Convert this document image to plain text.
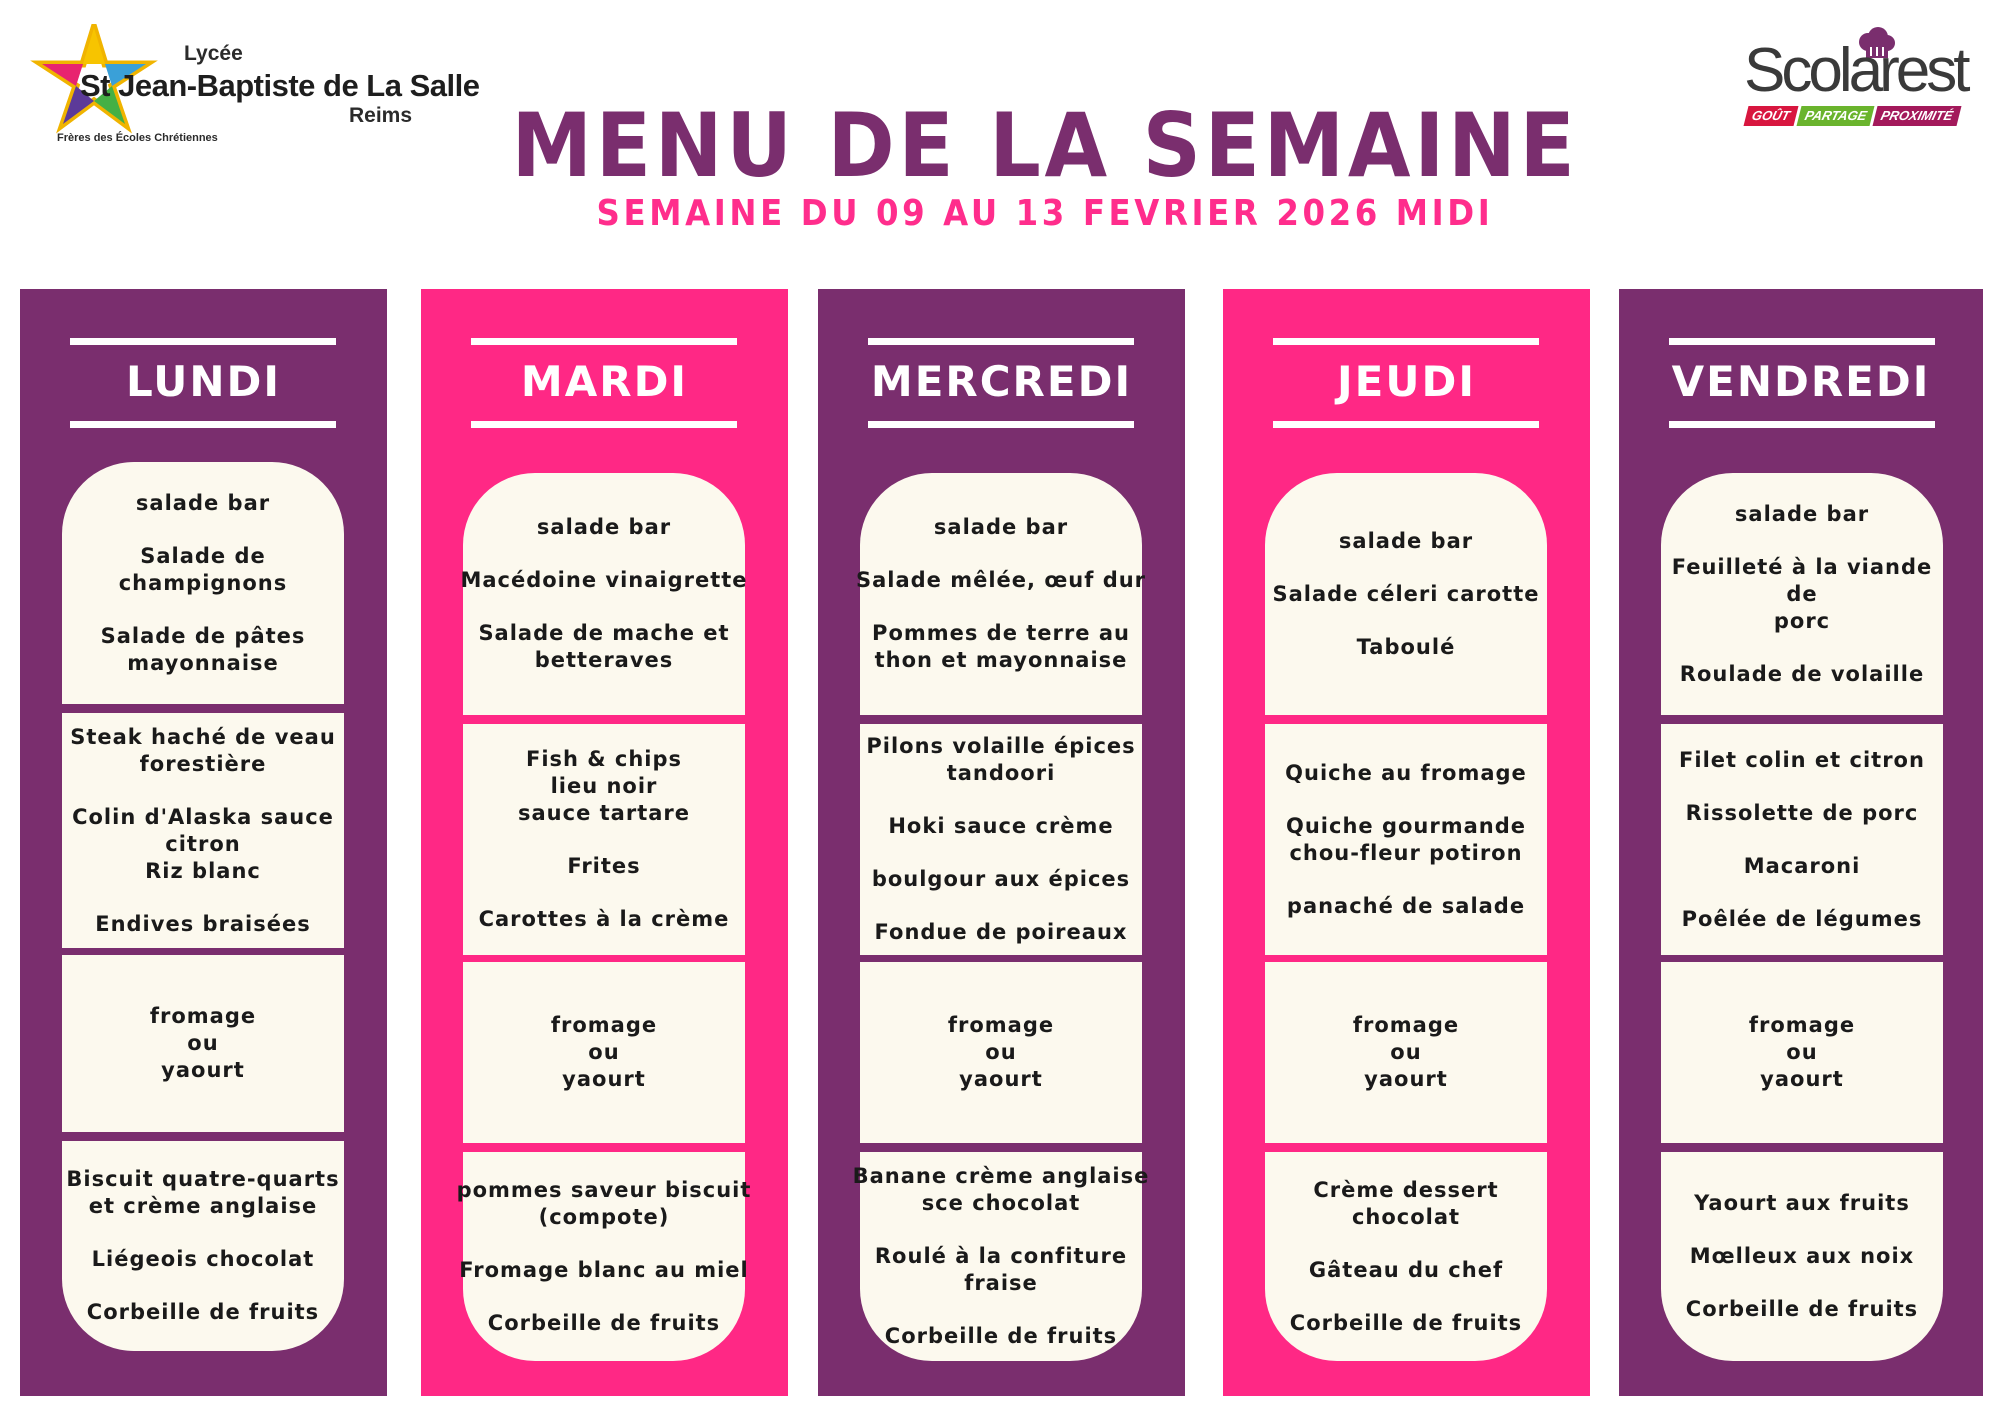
Lycée
St Jean-Baptiste de La Salle
Reims
Frères des Écoles Chrétiennes
Scolarest
GOÛT PARTAGE PROXIMITÉ
MENU DE LA SEMAINE
SEMAINE DU 09 AU 13 FEVRIER 2026 MIDI
LUNDI
salade bar
Salade de champignons
Salade de pâtes
mayonnaise
Steak haché de veau
forestière
Colin d'Alaska sauce
citron
Riz blanc
Endives braisées
fromage
ou
yaourt
Biscuit quatre-quarts
et crème anglaise
Liégeois chocolat
Corbeille de fruits
MARDI
salade bar
Macédoine vinaigrette
Salade de mache et
betteraves
Fish & chips
lieu noir
sauce tartare
Frites
Carottes à la crème
fromage
ou
yaourt
pommes saveur biscuit
(compote)
Fromage blanc au miel
Corbeille de fruits
MERCREDI
salade bar
Salade mêlée, œuf dur
Pommes de terre au
thon et mayonnaise
Pilons volaille épices
tandoori
Hoki sauce crème
boulgour aux épices
Fondue de poireaux
fromage
ou
yaourt
Banane crème anglaise
sce chocolat
Roulé à la confiture
fraise
Corbeille de fruits
JEUDI
salade bar
Salade céleri carotte
Taboulé
Quiche au fromage
Quiche gourmande
chou-fleur potiron
panaché de salade
fromage
ou
yaourt
Crème dessert chocolat
Gâteau du chef
Corbeille de fruits
VENDREDI
salade bar
Feuilleté à la viande de
porc
Roulade de volaille
Filet colin et citron
Rissolette de porc
Macaroni
Poêlée de légumes
fromage
ou
yaourt
Yaourt aux fruits
Mœlleux aux noix
Corbeille de fruits
